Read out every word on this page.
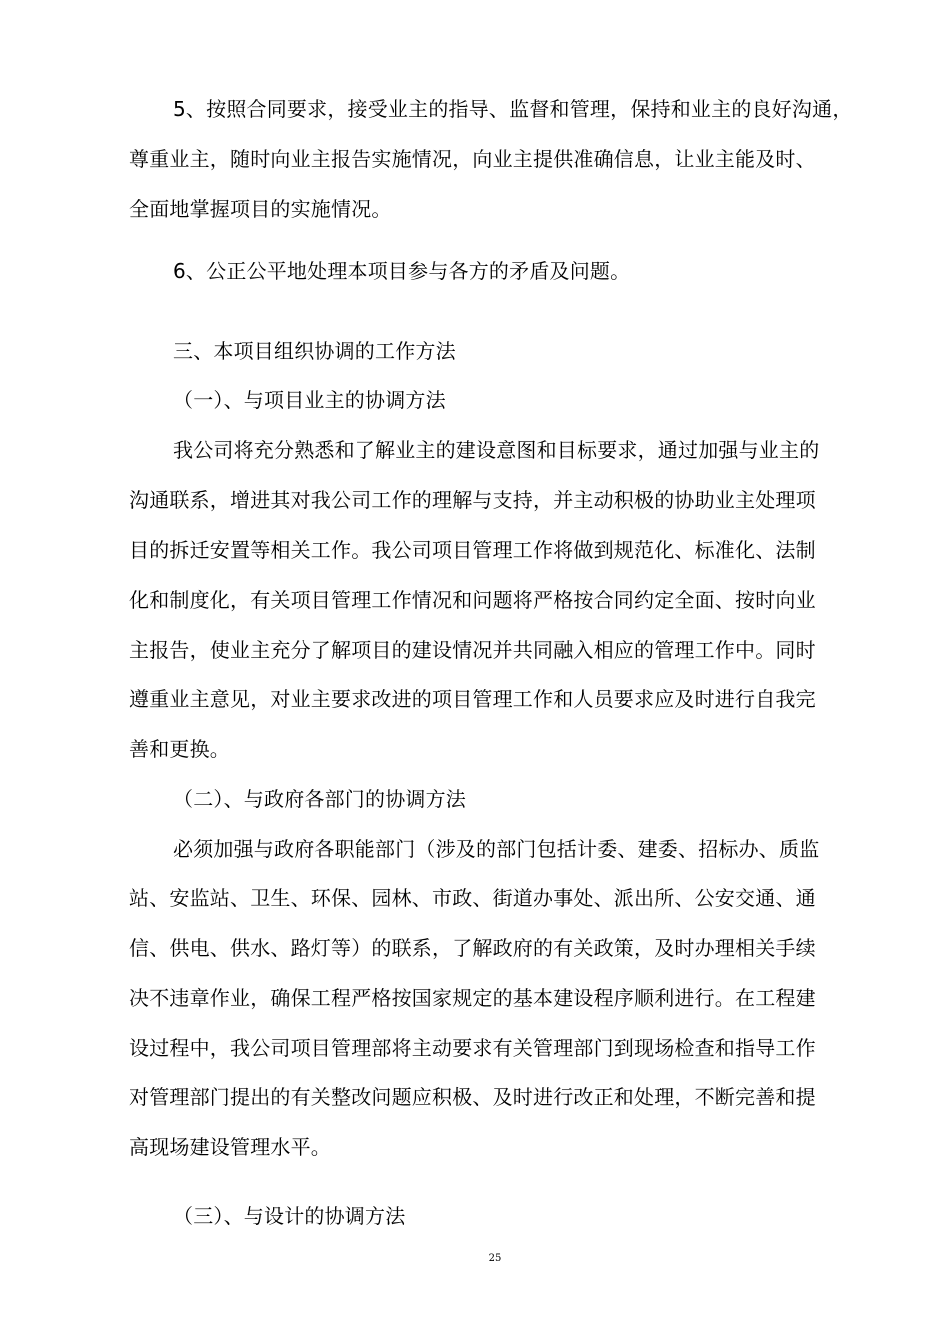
5、按照合同要求，接受业主的指导、监督和管理，保持和业主的良好沟通，
尊重业主，随时向业主报告实施情况，向业主提供准确信息，让业主能及时、
全面地掌握项目的实施情况。
6、公正公平地处理本项目参与各方的矛盾及问题。
三、本项目组织协调的工作方法
（一）、与项目业主的协调方法
我公司将充分熟悉和了解业主的建设意图和目标要求，通过加强与业主的
沟通联系，增进其对我公司工作的理解与支持，并主动积极的协助业主处理项
目的拆迁安置等相关工作。我公司项目管理工作将做到规范化、标准化、法制
化和制度化，有关项目管理工作情况和问题将严格按合同约定全面、按时向业
主报告，使业主充分了解项目的建设情况并共同融入相应的管理工作中。同时
遵重业主意见，对业主要求改进的项目管理工作和人员要求应及时进行自我完
善和更换。
（二）、与政府各部门的协调方法
必须加强与政府各职能部门（涉及的部门包括计委、建委、招标办、质监
站、安监站、卫生、环保、园林、市政、街道办事处、派出所、公安交通、通
信、供电、供水、路灯等）的联系，了解政府的有关政策，及时办理相关手续
决不违章作业，确保工程严格按国家规定的基本建设程序顺利进行。在工程建
设过程中，我公司项目管理部将主动要求有关管理部门到现场检查和指导工作
对管理部门提出的有关整改问题应积极、及时进行改正和处理，不断完善和提
高现场建设管理水平。
（三）、与设计的协调方法
25
